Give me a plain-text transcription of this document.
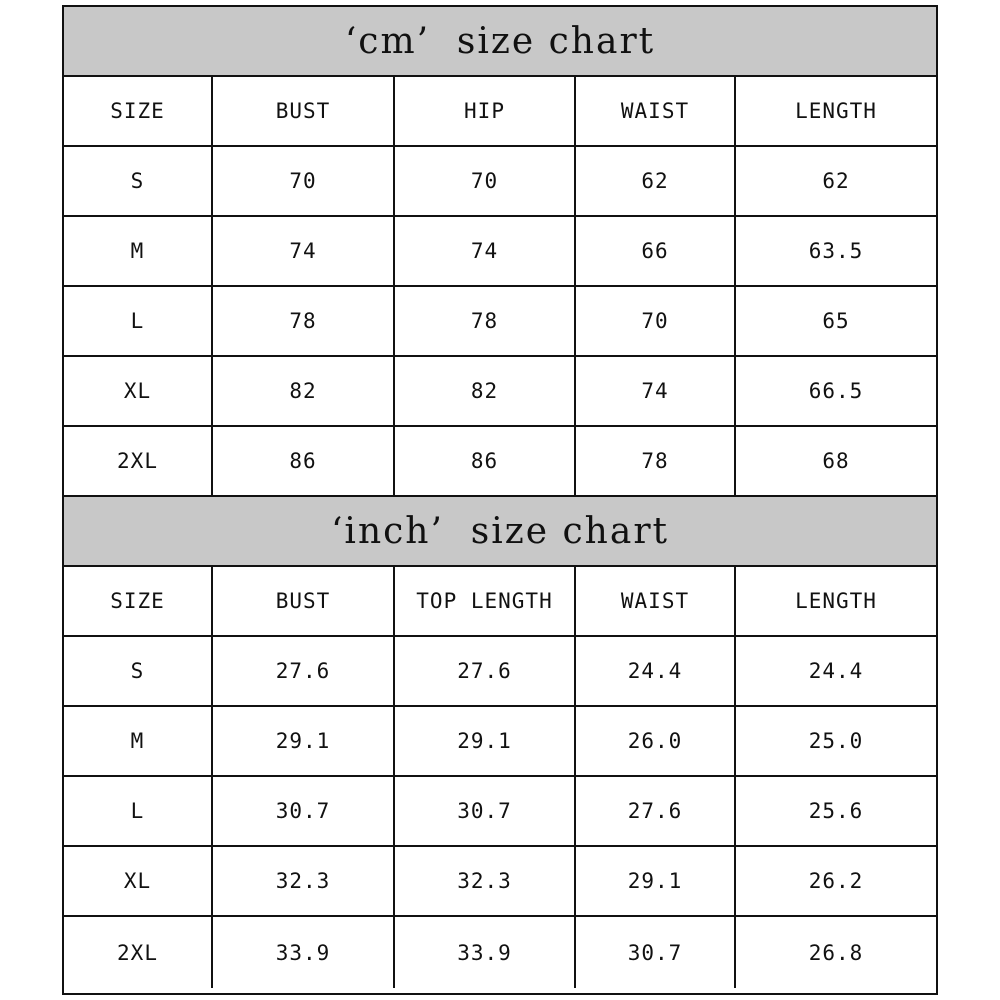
‘cm’  size chart
SIZE	BUST	HIP	WAIST	LENGTH
S	70	70	62	62
M	74	74	66	63.5
L	78	78	70	65
XL	82	82	74	66.5
2XL	86	86	78	68
‘inch’  size chart
SIZE	BUST	TOP LENGTH	WAIST	LENGTH
S	27.6	27.6	24.4	24.4
M	29.1	29.1	26.0	25.0
L	30.7	30.7	27.6	25.6
XL	32.3	32.3	29.1	26.2
2XL	33.9	33.9	30.7	26.8
